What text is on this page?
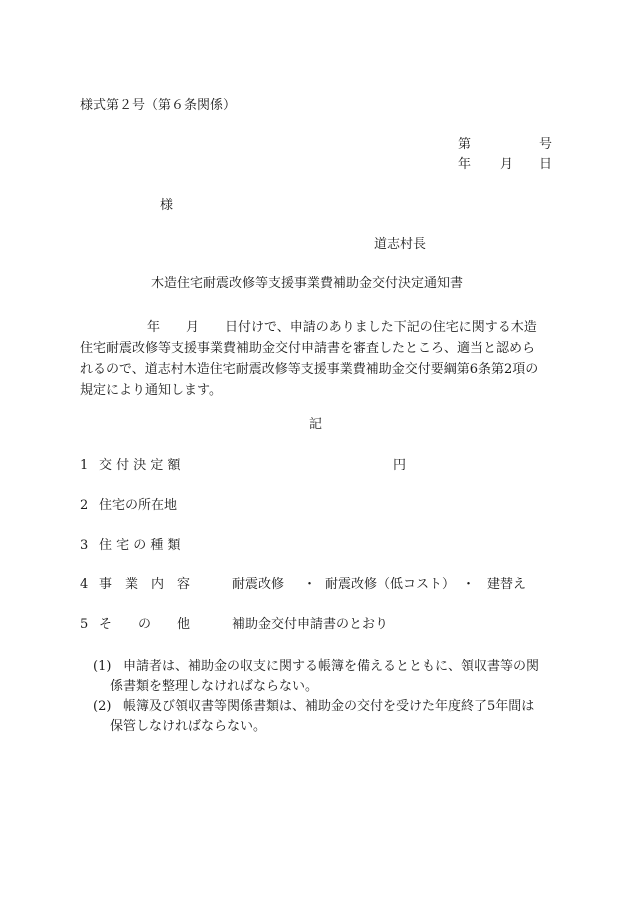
様式第２号（第６条関係）
第	号
年 月 日
様
道志村長
木造住宅耐震改修等支援事業費補助金交付決定通知書
年 月 日付けで、申請のありました下記の住宅に関する木造
住宅耐震改修等支援事業費補助金交付申請書を審査したところ、適当と認めら
れるので、道志村木造住宅耐震改修等支援事業費補助金交付要綱第6条第2項の
規定により通知します。
記
1 交 付 決 定 額	円
2 住宅の所在地
3 住 宅 の 種 類
4 事　業　内　容	耐震改修 ・ 耐震改修（低コスト） ・ 建替え
5 そ　　の　　他	補助金交付申請書のとおり
(1) 申請者は、補助金の収支に関する帳簿を備えるとともに、領収書等の関
係書類を整理しなければならない。
(2) 帳簿及び領収書等関係書類は、補助金の交付を受けた年度終了5年間は
保管しなければならない。
